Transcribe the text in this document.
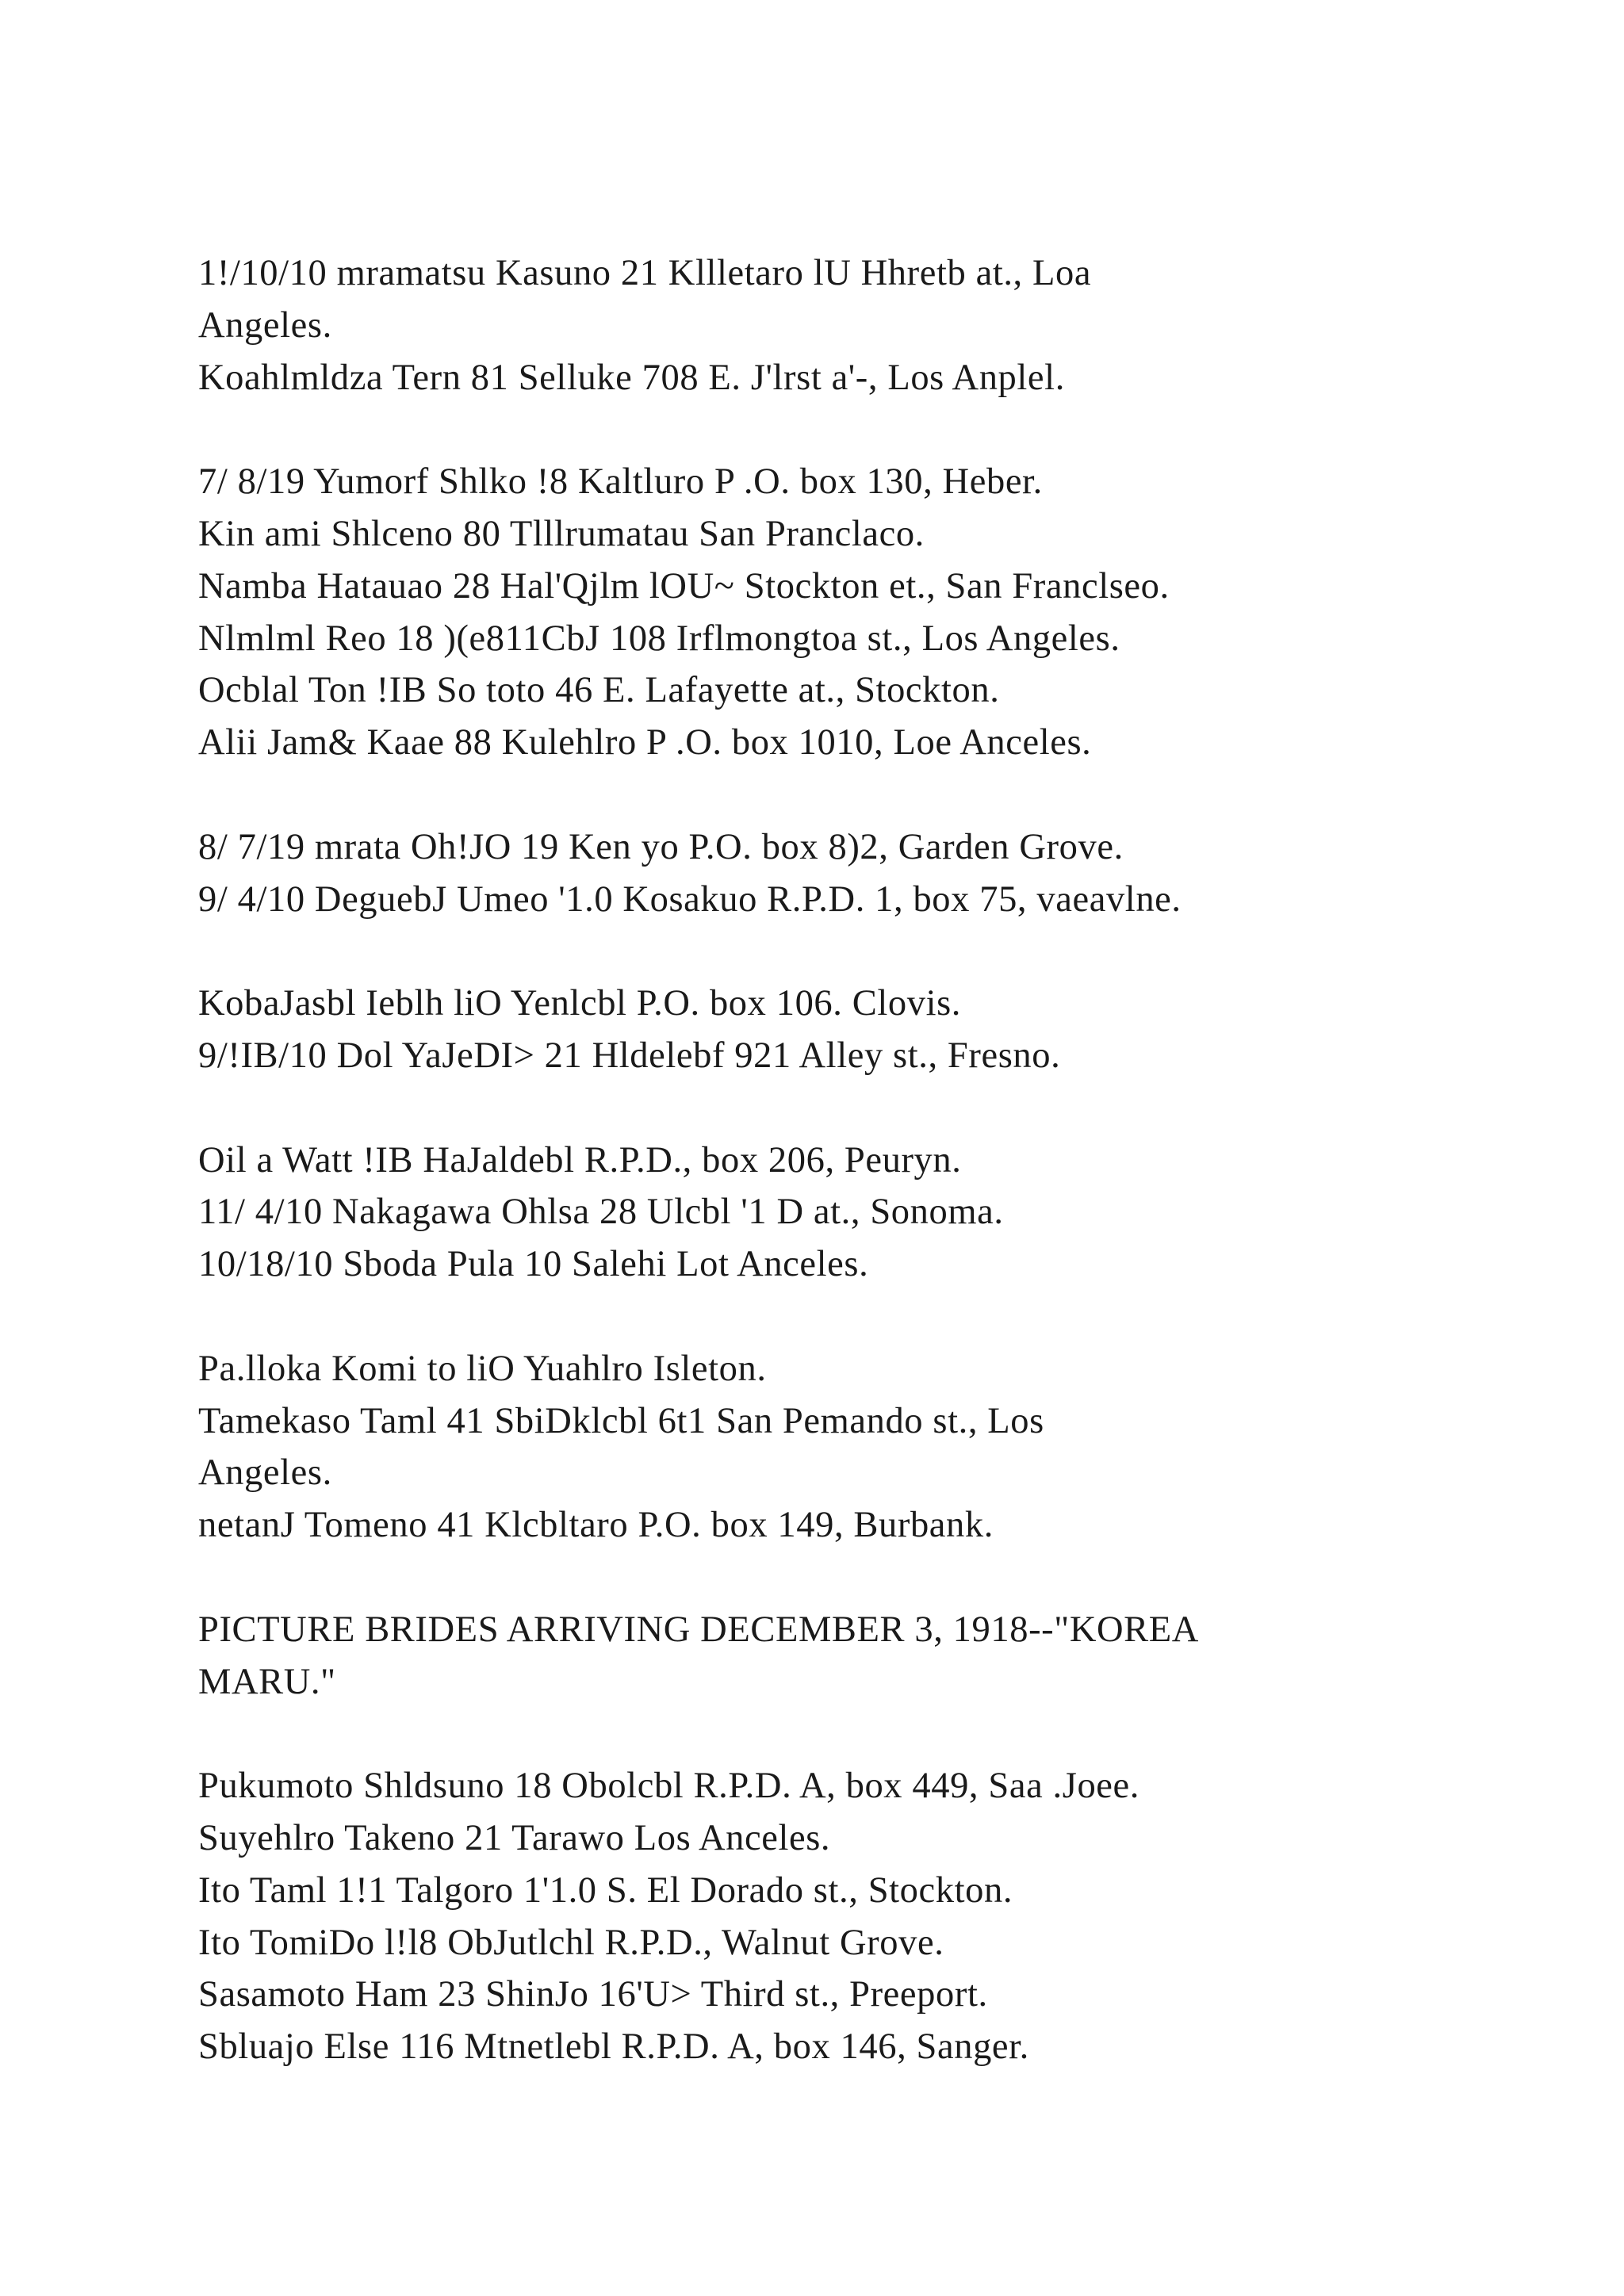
1!/10/10 mramatsu Kasuno 21 Kllletaro lU Hhretb at., Loa
Angeles.
Koahlmldza Tern 81 Selluke 708 E. J'lrst a'-, Los Anplel.
7/ 8/19 Yumorf Shlko !8 Kaltluro P .O. box 130, Heber.
Kin ami Shlceno 80 Tlllrumatau San Pranclaco.
Namba Hatauao 28 Hal'Qjlm lOU~ Stockton et., San Franclseo.
Nlmlml Reo 18 )(e811CbJ 108 Irflmongtoa st., Los Angeles.
Ocblal Ton !IB So toto 46 E. Lafayette at., Stockton.
Alii Jam& Kaae 88 Kulehlro P .O. box 1010, Loe Anceles.
8/ 7/19 mrata Oh!JO 19 Ken yo P.O. box 8)2, Garden Grove.
9/ 4/10 DeguebJ Umeo '1.0 Kosakuo R.P.D. 1, box 75, vaeavlne.
KobaJasbl Ieblh liO Yenlcbl P.O. box 106. Clovis.
9/!IB/10 Dol YaJeDI> 21 Hldelebf 921 Alley st., Fresno.
Oil a Watt !IB HaJaldebl R.P.D., box 206, Peuryn.
11/ 4/10 Nakagawa Ohlsa 28 Ulcbl '1 D at., Sonoma.
10/18/10 Sboda Pula 10 Salehi Lot Anceles.
Pa.lloka Komi to liO Yuahlro Isleton.
Tamekaso Taml 41 SbiDklcbl 6t1 San Pemando st., Los
Angeles.
netanJ Tomeno 41 Klcbltaro P.O. box 149, Burbank.
PICTURE BRIDES ARRIVING DECEMBER 3, 1918--"KOREA
MARU."
Pukumoto Shldsuno 18 Obolcbl R.P.D. A, box 449, Saa .Joee.
Suyehlro Takeno 21 Tarawo Los Anceles.
Ito Taml 1!1 Talgoro 1'1.0 S. El Dorado st., Stockton.
Ito TomiDo l!l8 ObJutlchl R.P.D., Walnut Grove.
Sasamoto Ham 23 ShinJo 16'U> Third st., Preeport.
Sbluajo Else 116 Mtnetlebl R.P.D. A, box 146, Sanger.
